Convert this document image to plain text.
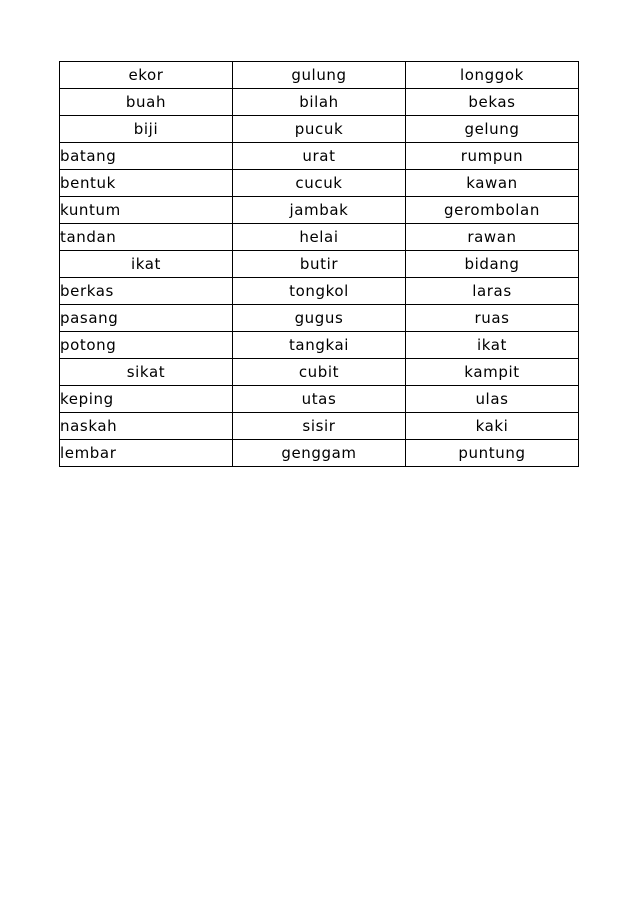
ekor	gulung	longgok
buah	bilah	bekas
biji	pucuk	gelung
batang	urat	rumpun
bentuk	cucuk	kawan
kuntum	jambak	gerombolan
tandan	helai	rawan
ikat	butir	bidang
berkas	tongkol	laras
pasang	gugus	ruas
potong	tangkai	ikat
sikat	cubit	kampit
keping	utas	ulas
naskah	sisir	kaki
lembar	genggam	puntung
